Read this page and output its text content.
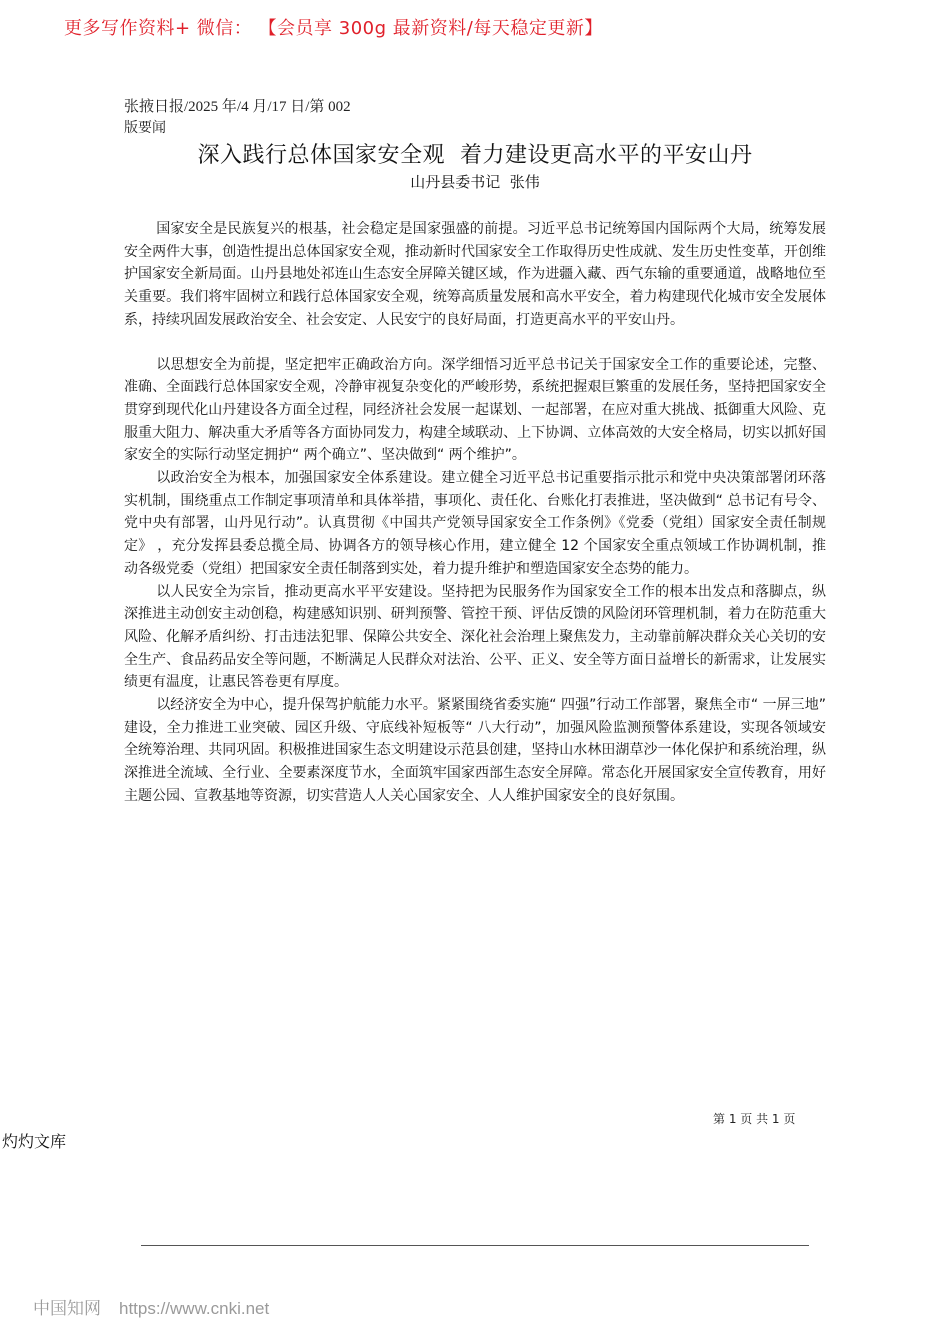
更多写作资料+ 微信： 【会员享 300g 最新资料/每天稳定更新】
张掖日报/2025 年/4 月/17 日/第 002
版要闻
深入践行总体国家安全观  着力建设更高水平的平安山丹
山丹县委书记  张伟

国家安全是民族复兴的根基，社会稳定是国家强盛的前提。习近平总书记统筹国内国际两个大局，统筹发展安全两件大事，创造性提出总体国家安全观，推动新时代国家安全工作取得历史性成就、发生历史性变革，开创维护国家安全新局面。山丹县地处祁连山生态安全屏障关键区域，作为进疆入藏、西气东输的重要通道，战略地位至关重要。我们将牢固树立和践行总体国家安全观，统筹高质量发展和高水平安全，着力构建现代化城市安全发展体系，持续巩固发展政治安全、社会安定、人民安宁的良好局面，打造更高水平的平安山丹。

以思想安全为前提，坚定把牢正确政治方向。深学细悟习近平总书记关于国家安全工作的重要论述，完整、准确、全面践行总体国家安全观，冷静审视复杂变化的严峻形势，系统把握艰巨繁重的发展任务，坚持把国家安全贯穿到现代化山丹建设各方面全过程，同经济社会发展一起谋划、一起部署，在应对重大挑战、抵御重大风险、克服重大阻力、解决重大矛盾等各方面协同发力，构建全域联动、上下协调、立体高效的大安全格局，切实以抓好国家安全的实际行动坚定拥护“ 两个确立”、坚决做到“ 两个维护”。

以政治安全为根本，加强国家安全体系建设。建立健全习近平总书记重要指示批示和党中央决策部署闭环落实机制，围绕重点工作制定事项清单和具体举措，事项化、责任化、台账化打表推进，坚决做到“ 总书记有号令、党中央有部署，山丹见行动”。认真贯彻《中国共产党领导国家安全工作条例》《党委（党组）国家安全责任制规定》 ，充分发挥县委总揽全局、协调各方的领导核心作用，建立健全 12 个国家安全重点领域工作协调机制，推动各级党委（党组）把国家安全责任制落到实处，着力提升维护和塑造国家安全态势的能力。

以人民安全为宗旨，推动更高水平平安建设。坚持把为民服务作为国家安全工作的根本出发点和落脚点，纵深推进主动创安主动创稳，构建感知识别、研判预警、管控干预、评估反馈的风险闭环管理机制，着力在防范重大风险、化解矛盾纠纷、打击违法犯罪、保障公共安全、深化社会治理上聚焦发力，主动靠前解决群众关心关切的安全生产、食品药品安全等问题，不断满足人民群众对法治、公平、正义、安全等方面日益增长的新需求，让发展实绩更有温度，让惠民答卷更有厚度。

以经济安全为中心，提升保驾护航能力水平。紧紧围绕省委实施“ 四强”行动工作部署，聚焦全市“ 一屏三地” 建设，全力推进工业突破、园区升级、守底线补短板等“ 八大行动”，加强风险监测预警体系建设，实现各领域安全统筹治理、共同巩固。积极推进国家生态文明建设示范县创建，坚持山水林田湖草沙一体化保护和系统治理，纵深推进全流域、全行业、全要素深度节水，全面筑牢国家西部生态安全屏障。常态化开展国家安全宣传教育，用好主题公园、宣教基地等资源，切实营造人人关心国家安全、人人维护国家安全的良好氛围。

第 1 页 共 1 页
灼灼文库
中国知网 https://www.cnki.net
